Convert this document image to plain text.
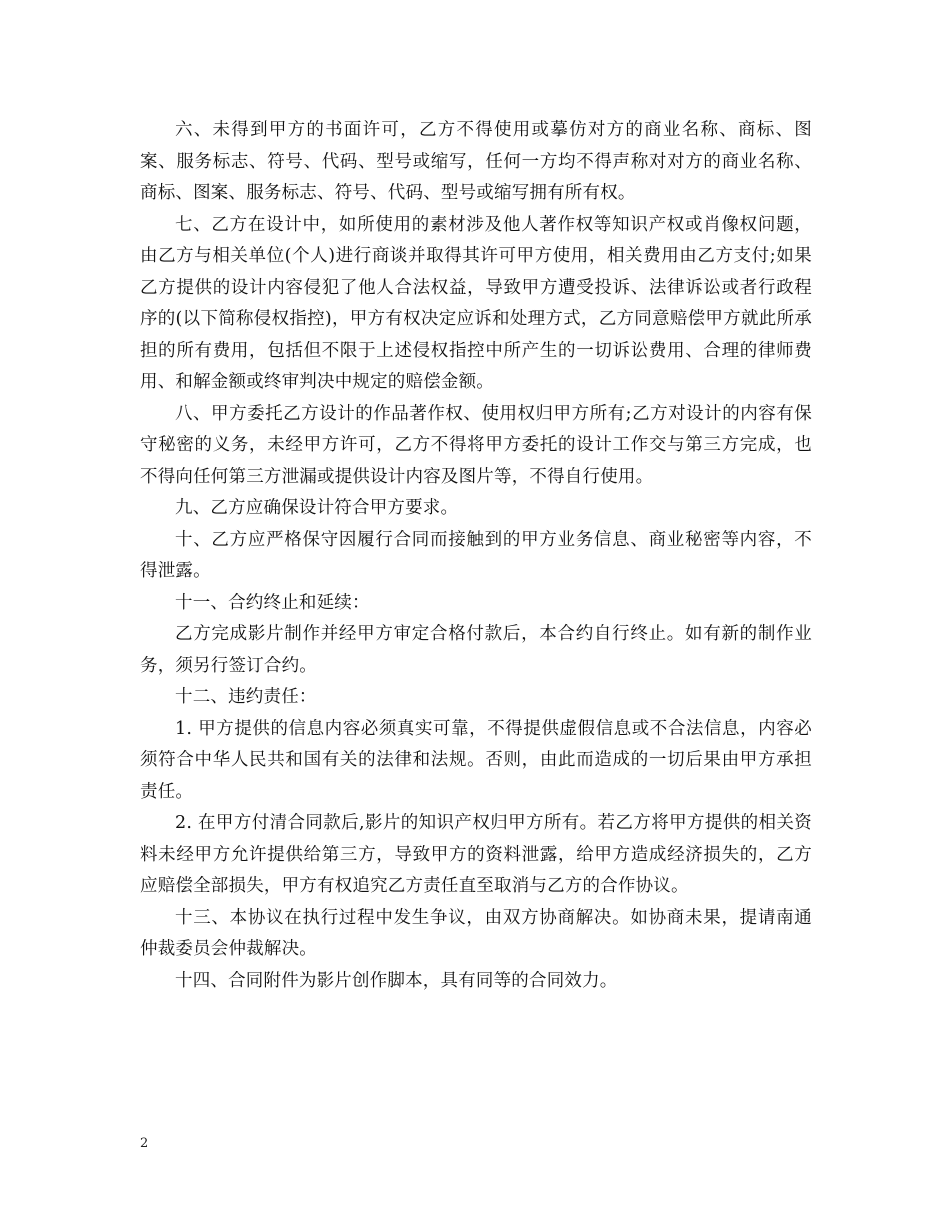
六、未得到甲方的书面许可，乙方不得使用或摹仿对方的商业名称、商标、图案、服务标志、符号、代码、型号或缩写，任何一方均不得声称对对方的商业名称、商标、图案、服务标志、符号、代码、型号或缩写拥有所有权。

七、乙方在设计中，如所使用的素材涉及他人著作权等知识产权或肖像权问题，由乙方与相关单位(个人)进行商谈并取得其许可甲方使用，相关费用由乙方支付;如果乙方提供的设计内容侵犯了他人合法权益，导致甲方遭受投诉、法律诉讼或者行政程序的(以下简称侵权指控)，甲方有权决定应诉和处理方式，乙方同意赔偿甲方就此所承担的所有费用，包括但不限于上述侵权指控中所产生的一切诉讼费用、合理的律师费用、和解金额或终审判决中规定的赔偿金额。

八、甲方委托乙方设计的作品著作权、使用权归甲方所有;乙方对设计的内容有保守秘密的义务，未经甲方许可，乙方不得将甲方委托的设计工作交与第三方完成，也不得向任何第三方泄漏或提供设计内容及图片等，不得自行使用。

九、乙方应确保设计符合甲方要求。

十、乙方应严格保守因履行合同而接触到的甲方业务信息、商业秘密等内容，不得泄露。

十一、合约终止和延续：

乙方完成影片制作并经甲方审定合格付款后，本合约自行终止。如有新的制作业务，须另行签订合约。

十二、违约责任：

1. 甲方提供的信息内容必须真实可靠，不得提供虚假信息或不合法信息，内容必须符合中华人民共和国有关的法律和法规。否则，由此而造成的一切后果由甲方承担责任。

2. 在甲方付清合同款后,影片的知识产权归甲方所有。若乙方将甲方提供的相关资料未经甲方允许提供给第三方，导致甲方的资料泄露，给甲方造成经济损失的，乙方应赔偿全部损失，甲方有权追究乙方责任直至取消与乙方的合作协议。

十三、本协议在执行过程中发生争议，由双方协商解决。如协商未果，提请南通仲裁委员会仲裁解决。

十四、合同附件为影片创作脚本，具有同等的合同效力。

2
